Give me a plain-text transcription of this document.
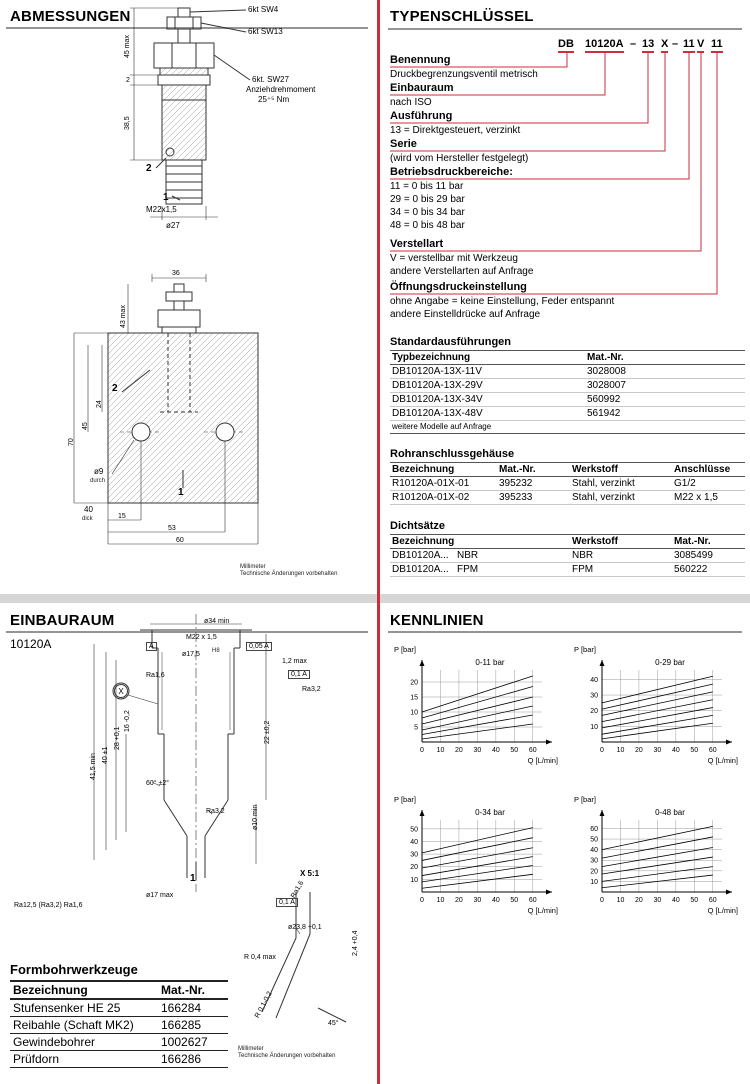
ABMESSUNGEN	6kt SW4
6kt SW13
6kt. SW27
Anziehdrehmoment
25⁺⁵ Nm
45 max
2
38,5
2
1
M22x1,5
ø27
36
43 max
24
45
70
2
1
ø9
durch
40
dick	15
53
60
Millimeter
Technische Änderungen vorbehalten
TYPENSCHLÜSSEL
DB 10120A – 13 X – 11 V 11
Benennung
Druckbegrenzungsventil metrisch
Einbauraum
nach ISO
Ausführung
13 = Direktgesteuert, verzinkt
Serie
(wird vom Hersteller festgelegt)
Betriebsdruckbereiche:
11 = 0 bis 11 bar
29 = 0 bis 29 bar
34 = 0 bis 34 bar
48 = 0 bis 48 bar
Verstellart
V = verstellbar mit Werkzeug
andere Verstellarten auf Anfrage
Öffnungsdruckeinstellung
ohne Angabe = keine Einstellung, Feder entspannt
andere Einstelldrücke auf Anfrage
Standardausführungen
Typbezeichnung	Mat.-Nr.
DB10120A-13X-11V	3028008
DB10120A-13X-29V	3028007
DB10120A-13X-34V	560992
DB10120A-13X-48V	561942
weitere Modelle auf Anfrage
Rohranschlussgehäuse
Bezeichnung	Mat.-Nr.	Werkstoff	Anschlüsse
R10120A-01X-01	395232	Stahl, verzinkt	G1/2
R10120A-01X-02	395233	Stahl, verzinkt	M22 x 1,5
Dichtsätze
Bezeichnung		Werkstoff	Mat.-Nr.
DB10120A...	NBR	NBR	3085499
DB10120A...	FPM	FPM	560222
EINBAURAUM
10120A
ø34 min
M22 x 1,5
A
ø17,5 H8
0,05 A
1,2 max
0,1 A
Ra3,2
Ra1,6
X
22 ±0,2
16 -0,2
28 +0,1
40 ±1
41,5 min
60° ±2°
ø10 min
Ra3,2
ø17 max
1
Ra12,5 (Ra3,2) Ra1,6
X 5:1
Ra1,6
0,1 A
ø23,8 +0,1
R 0,4 max
2,4 +0,4
R 0,1-0,2
45°
Formbohrwerkzeuge
Bezeichnung	Mat.-Nr.
Stufensenker HE 25	166284
Reibahle (Schaft MK2)	166285
Gewindebohrer	1002627
Prüfdorn	166286
Millimeter
Technische Änderungen vorbehalten
KENNLINIEN
0 10 20 30 40 50 60
5
10
15
20
P [bar]
Q [L/min]
0-11 bar
0 10 20 30 40 50 60
10
20
30
40
P [bar]
Q [L/min]
0-29 bar
0 10 20 30 40 50 60
10
20
30
40
50
P [bar]
Q [L/min]
0-34 bar
0 10 20 30 40 50 60
10
20
30
40
50
60
P [bar]
Q [L/min]
0-48 bar
